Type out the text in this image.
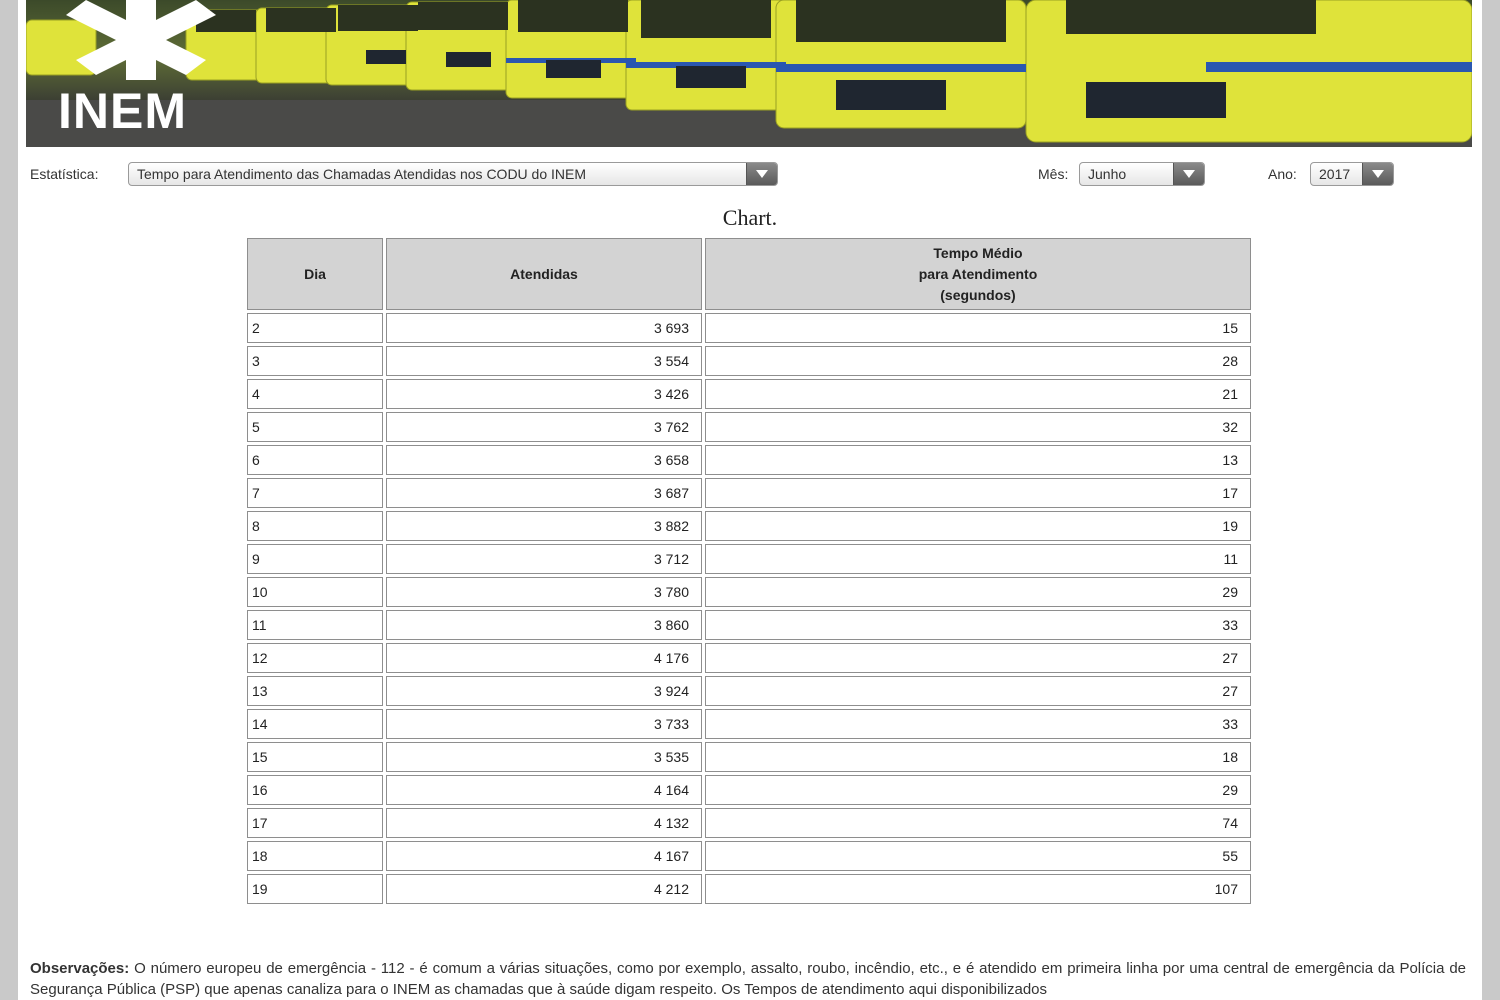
INEM
Estatística:	Tempo para Atendimento das Chamadas Atendidas nos CODU do INEM	Mês: Junho	Ano: 2017
Chart.
Dia	Atendidas	Tempo Médio
para Atendimento
(segundos)

2	3 693	15
3	3 554	28
4	3 426	21
5	3 762	32
6	3 658	13
7	3 687	17
8	3 882	19
9	3 712	11
10	3 780	29
11	3 860	33
12	4 176	27
13	3 924	27
14	3 733	33
15	3 535	18
16	4 164	29
17	4 132	74
18	4 167	55
19	4 212	107
Observações: O número europeu de emergência - 112 - é comum a várias situações, como por exemplo, assalto, roubo, incêndio, etc., e é atendido em primeira linha por uma central de emergência da Polícia de Segurança Pública (PSP) que apenas canaliza para o INEM as chamadas que à saúde digam respeito. Os Tempos de atendimento aqui disponibilizados
